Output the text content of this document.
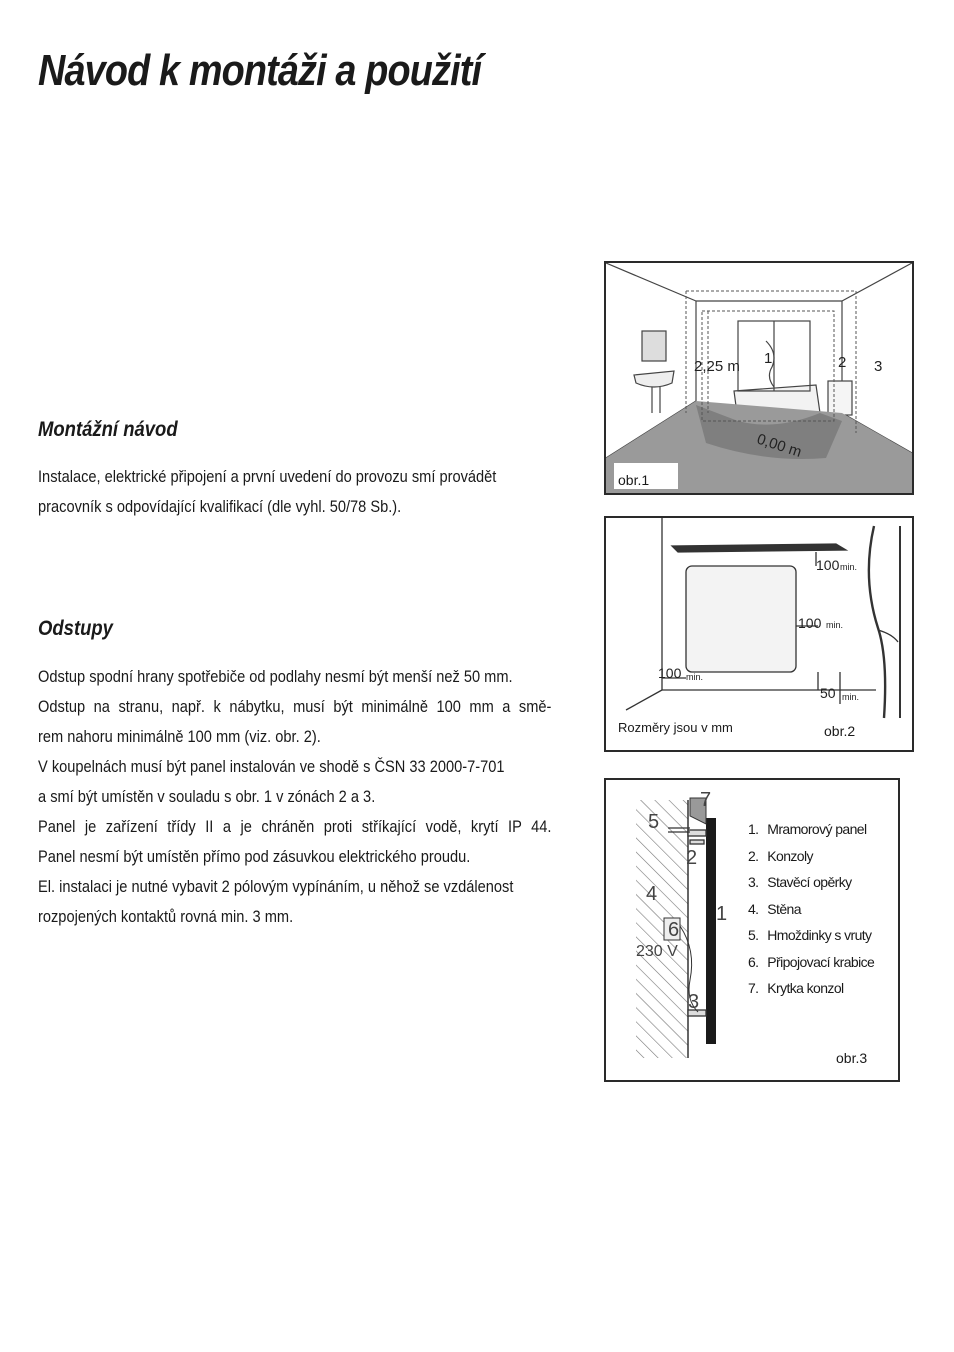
Návod k montáži a použití
Montážní návod
Instalace, elektrické připojení a první uvedení do provozu smí provádět
pracovník s odpovídající kvalifikací (dle vyhl. 50/78 Sb.).
Odstupy
Odstup spodní hrany spotřebiče od podlahy nesmí být menší než 50 mm.
Odstup na stranu, např. k nábytku, musí být minimálně 100 mm a smě-
rem nahoru minimálně 100 mm (viz. obr. 2).
V koupelnách musí být panel instalován ve shodě s ČSN 33 2000-7-701
a smí být umístěn v souladu s obr. 1 v zónách 2 a 3.
Panel je zařízení třídy II a je chráněn proti stříkající vodě, krytí IP 44.
Panel nesmí být umístěn přímo pod zásuvkou elektrického proudu.
El. instalaci je nutné vybavit 2 pólovým vypínáním, u něhož se vzdálenost
rozpojených kontaktů rovná min. 3 mm.
2,25 m
0,00 m
1	2 3
obr.1
100 min.
100 min.
100 min.
50 min.
Rozměry jsou v mm	obr.2
1
2
3
4
5
6
7
230 V
1. Mramorový panel
2. Konzoly
3. Stavěcí opěrky
4. Stěna
5. Hmoždinky s vruty
6. Připojovací krabice
7. Krytka konzol
obr.3
